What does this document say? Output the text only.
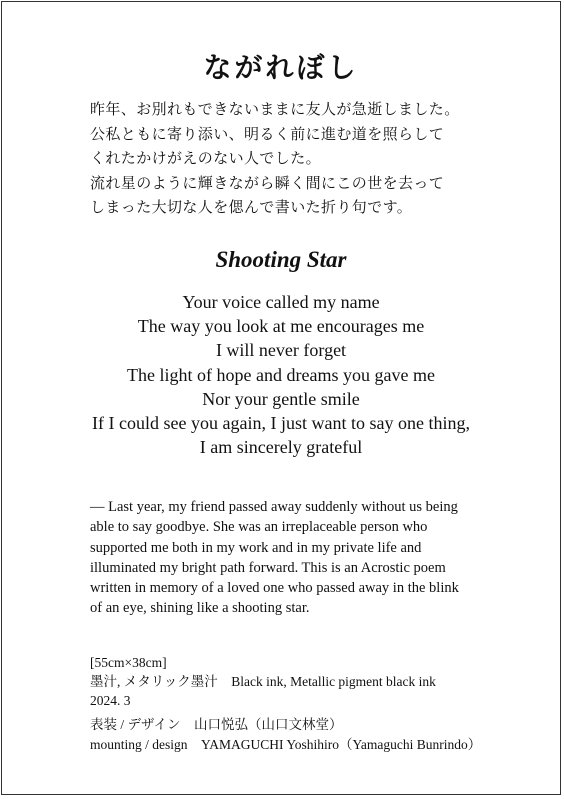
ながれぼし
昨年、お別れもできないままに友人が急逝しました。
公私ともに寄り添い、明るく前に進む道を照らして
くれたかけがえのない人でした。
流れ星のように輝きながら瞬く間にこの世を去って
しまった大切な人を偲んで書いた折り句です。
Shooting Star
Your voice called my name
The way you look at me encourages me
I will never forget
The light of hope and dreams you gave me
Nor your gentle smile
If I could see you again, I just want to say one thing,
I am sincerely grateful
— Last year, my friend passed away suddenly without us being
able to say goodbye. She was an irreplaceable person who
supported me both in my work and in my private life and
illuminated my bright path forward. This is an Acrostic poem
written in memory of a loved one who passed away in the blink
of an eye, shining like a shooting star.
[55cm×38cm]
墨汁, メタリック墨汁　Black ink, Metallic pigment black ink
2024. 3
表装 / デザイン　山口悦弘（山口文林堂）
mounting / design　YAMAGUCHI Yoshihiro（Yamaguchi Bunrindo）
